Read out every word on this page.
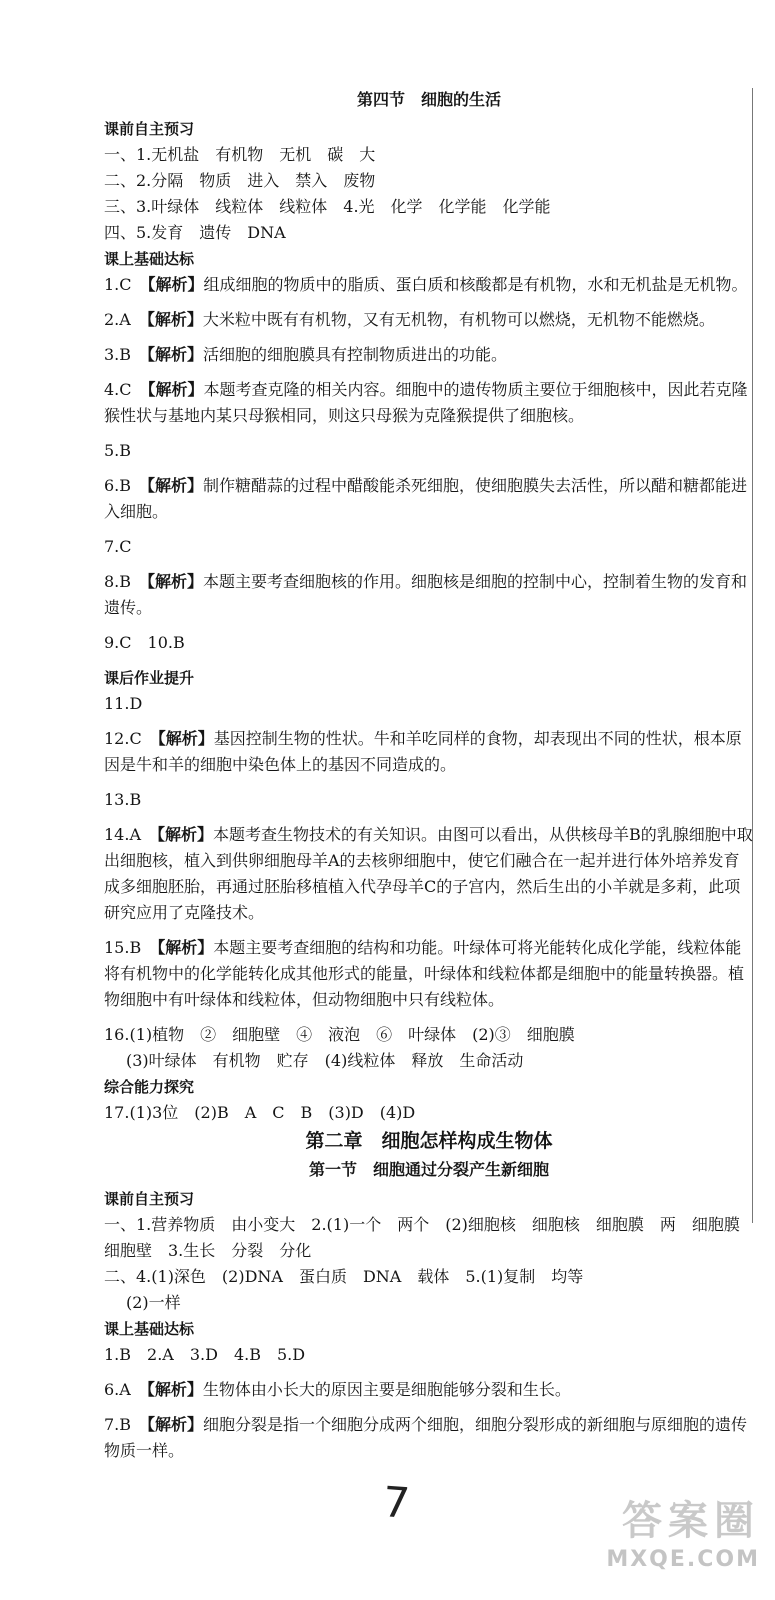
第四节　细胞的生活
课前自主预习
一、1.无机盐　有机物　无机　碳　大
二、2.分隔　物质　进入　禁入　废物
三、3.叶绿体　线粒体　线粒体　4.光　化学　化学能　化学能
四、5.发育　遗传　DNA
课上基础达标
1.C　【解析】组成细胞的物质中的脂质、蛋白质和核酸都是有机物，水和无机盐是无机物。
2.A　【解析】大米粒中既有有机物，又有无机物，有机物可以燃烧，无机物不能燃烧。
3.B　【解析】活细胞的细胞膜具有控制物质进出的功能。
4.C　【解析】本题考查克隆的相关内容。细胞中的遗传物质主要位于细胞核中，因此若克隆猴性状与基地内某只母猴相同，则这只母猴为克隆猴提供了细胞核。
5.B
6.B　【解析】制作糖醋蒜的过程中醋酸能杀死细胞，使细胞膜失去活性，所以醋和糖都能进入细胞。
7.C
8.B　【解析】本题主要考查细胞核的作用。细胞核是细胞的控制中心，控制着生物的发育和遗传。
9.C　10.B
课后作业提升
11.D
12.C　【解析】基因控制生物的性状。牛和羊吃同样的食物，却表现出不同的性状，根本原因是牛和羊的细胞中染色体上的基因不同造成的。
13.B
14.A　【解析】本题考查生物技术的有关知识。由图可以看出，从供核母羊B的乳腺细胞中取出细胞核，植入到供卵细胞母羊A的去核卵细胞中，使它们融合在一起并进行体外培养发育成多细胞胚胎，再通过胚胎移植植入代孕母羊C的子宫内，然后生出的小羊就是多莉，此项研究应用了克隆技术。
15.B　【解析】本题主要考查细胞的结构和功能。叶绿体可将光能转化成化学能，线粒体能将有机物中的化学能转化成其他形式的能量，叶绿体和线粒体都是细胞中的能量转换器。植物细胞中有叶绿体和线粒体，但动物细胞中只有线粒体。
16.(1)植物　②　细胞壁　④　液泡　⑥　叶绿体　(2)③　细胞膜
(3)叶绿体　有机物　贮存　(4)线粒体　释放　生命活动
综合能力探究
17.(1)3位　(2)B　A　C　B　(3)D　(4)D
第二章　细胞怎样构成生物体
第一节　细胞通过分裂产生新细胞
课前自主预习
一、1.营养物质　由小变大　2.(1)一个　两个　(2)细胞核　细胞核　细胞膜　两　细胞膜　细胞壁　3.生长　分裂　分化
二、4.(1)深色　(2)DNA　蛋白质　DNA　载体　5.(1)复制　均等
(2)一样
课上基础达标
1.B　2.A　3.D　4.B　5.D
6.A　【解析】生物体由小长大的原因主要是细胞能够分裂和生长。
7.B　【解析】细胞分裂是指一个细胞分成两个细胞，细胞分裂形成的新细胞与原细胞的遗传物质一样。
7	答案圈
MXQE.COM
